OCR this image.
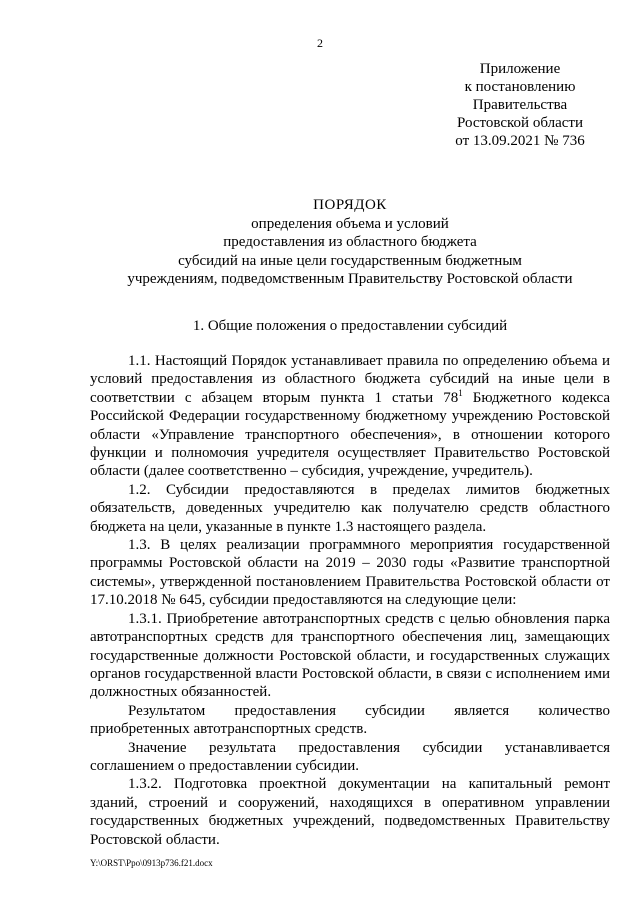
2
Приложение
к постановлению
Правительства
Ростовской области
от 13.09.2021 № 736
ПОРЯДОК
определения объема и условий
предоставления из областного бюджета
субсидий на иные цели государственным бюджетным
учреждениям, подведомственным Правительству Ростовской области
1. Общие положения о предоставлении субсидий

1.1. Настоящий Порядок устанавливает правила по определению объема и условий предоставления из областного бюджета субсидий на иные цели в соответствии с абзацем вторым пункта 1 статьи $78^1$ Бюджетного кодекса Российской Федерации государственному бюджетному учреждению Ростовской области «Управление транспортного обеспечения», в отношении которого функции и полномочия учредителя осуществляет Правительство Ростовской области (далее соответственно – субсидия, учреждение, учредитель).

1.2. Субсидии предоставляются в пределах лимитов бюджетных обязательств, доведенных учредителю как получателю средств областного бюджета на цели, указанные в пункте 1.3 настоящего раздела.

1.3. В целях реализации программного мероприятия государственной программы Ростовской области на 2019 – 2030 годы «Развитие транспортной системы», утвержденной постановлением Правительства Ростовской области от 17.10.2018 № 645, субсидии предоставляются на следующие цели:

1.3.1. Приобретение автотранспортных средств с целью обновления парка автотранспортных средств для транспортного обеспечения лиц, замещающих государственные должности Ростовской области, и государственных служащих органов государственной власти Ростовской области, в связи с исполнением ими должностных обязанностей.

Результатом предоставления субсидии является количество приобретенных автотранспортных средств.

Значение результата предоставления субсидии устанавливается соглашением о предоставлении субсидии.

1.3.2. Подготовка проектной документации на капитальный ремонт зданий, строений и сооружений, находящихся в оперативном управлении государственных бюджетных учреждений, подведомственных Правительству Ростовской области.

Y:\ORST\Ppo\0913p736.f21.docx
